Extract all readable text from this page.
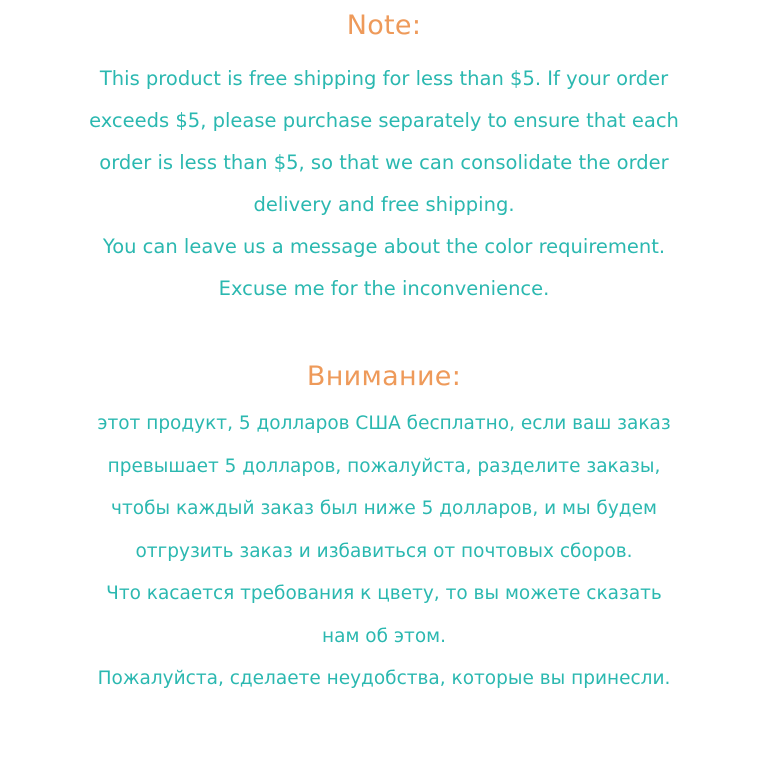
Note:

This product is free shipping for less than $5. If your order

exceeds $5, please purchase separately to ensure that each

order is less than $5, so that we can consolidate the order

delivery and free shipping.

You can leave us a message about the color requirement.

Excuse me for the inconvenience.

Внимание:

этот продукт, 5 долларов США бесплатно, если ваш заказ

превышает 5 долларов, пожалуйста, разделите заказы,

чтобы каждый заказ был ниже 5 долларов, и мы будем

отгрузить заказ и избавиться от почтовых сборов.

Что касается требования к цвету, то вы можете сказать

нам об этом.

Пожалуйста, сделаете неудобства, которые вы принесли.
